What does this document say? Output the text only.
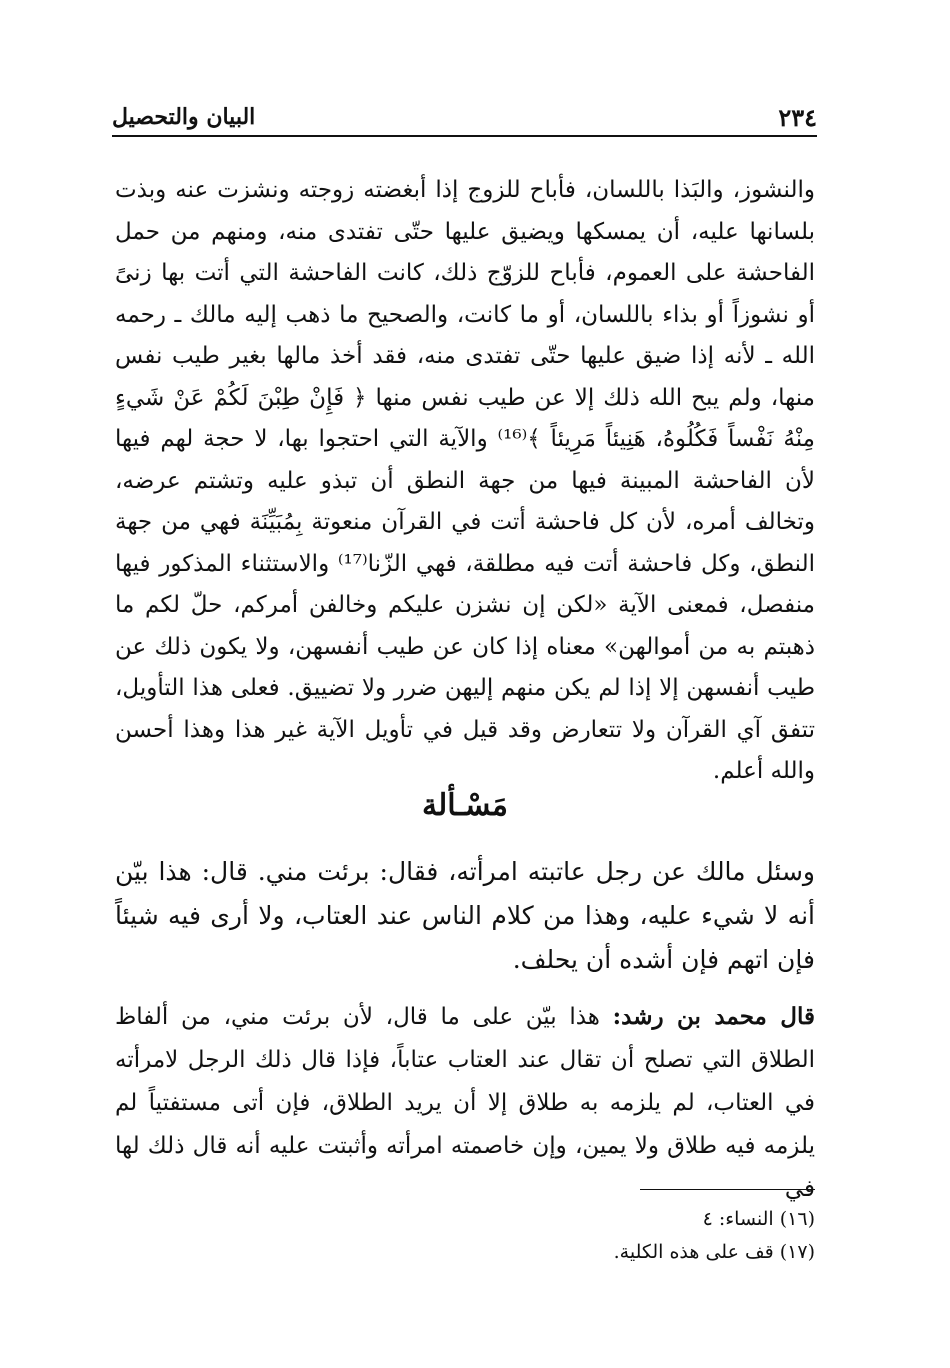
البيان والتحصيل	٢٣٤

والنشوز، والبَذا باللسان، فأباح للزوج إذا أبغضته زوجته ونشزت عنه وبذت بلسانها عليه، أن يمسكها ويضيق عليها حتّى تفتدى منه، ومنهم من حمل الفاحشة على العموم، فأباح للزوّج ذلك، كانت الفاحشة التي أتت بها زنىً أو نشوزاً أو بذاء باللسان، أو ما كانت، والصحيح ما ذهب إليه مالك ـ رحمه الله ـ لأنه إذا ضيق عليها حتّى تفتدى منه، فقد أخذ مالها بغير طيب نفس منها، ولم يبح الله ذلك إلا عن طيب نفس منها ﴿ فَإِنْ طِبْنَ لَكُمْ عَنْ شَيءٍ مِنْهُ نَفْساً فَكُلُوهُ، هَنِيئاً مَرِيئاً ﴾⁽¹⁶⁾ والآية التي احتجوا بها، لا حجة لهم فيها لأن الفاحشة المبينة فيها من جهة النطق أن تبذو عليه وتشتم عرضه، وتخالف أمره، لأن كل فاحشة أتت في القرآن منعوتة بِمُبَيِّنَة فهي من جهة النطق، وكل فاحشة أتت فيه مطلقة، فهي الزّنا⁽¹⁷⁾ والاستثناء المذكور فيها منفصل، فمعنى الآية «لكن إن نشزن عليكم وخالفن أمركم، حلّ لكم ما ذهبتم به من أموالهن» معناه إذا كان عن طيب أنفسهن، ولا يكون ذلك عن طيب أنفسهن إلا إذا لم يكن منهم إليهن ضرر ولا تضييق. فعلى هذا التأويل، تتفق آي القرآن ولا تتعارض وقد قيل في تأويل الآية غير هذا وهذا أحسن والله أعلم.

مَسْـألة

وسئل مالك عن رجل عاتبته امرأته، فقال: برئت مني. قال: هذا بيّن أنه لا شيء عليه، وهذا من كلام الناس عند العتاب، ولا أرى فيه شيئاً فإن اتهم فإن أشده أن يحلف.

قال محمد بن رشد: هذا بيّن على ما قال، لأن برئت مني، من ألفاظ الطلاق التي تصلح أن تقال عند العتاب عتاباً، فإذا قال ذلك الرجل لامرأته في العتاب، لم يلزمه به طلاق إلا أن يريد الطلاق، فإن أتى مستفتياً لم يلزمه فيه طلاق ولا يمين، وإن خاصمته امرأته وأثبتت عليه أنه قال ذلك لها في

(١٦) النساء: ٤
(١٧) قف على هذه الكلية.
